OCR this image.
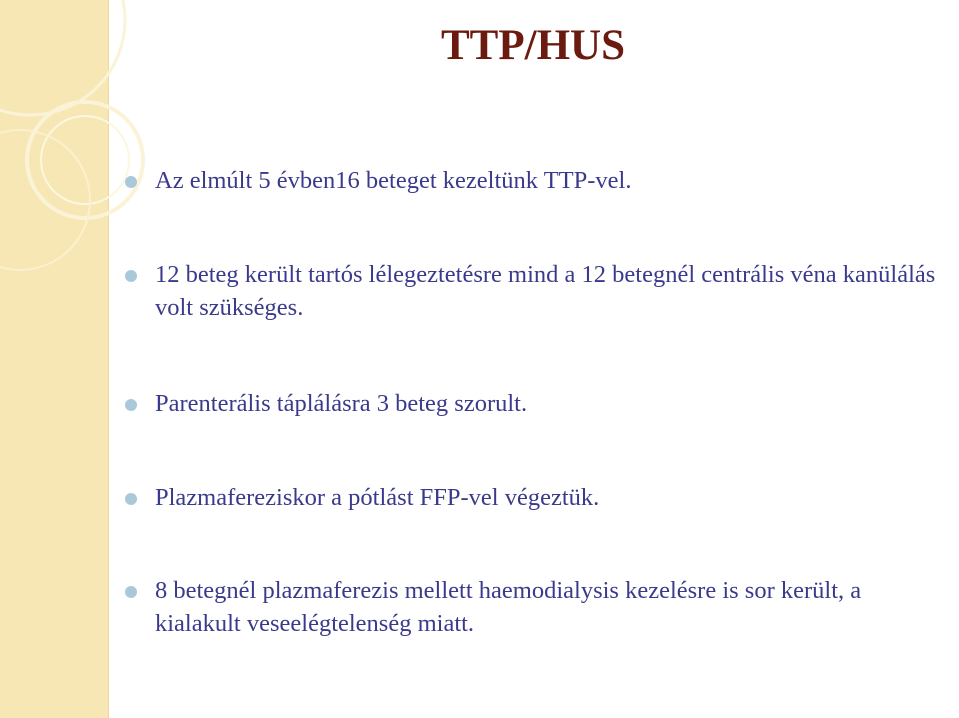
TTP/HUS
Az elmúlt 5 évben16 beteget kezeltünk TTP-vel.
12 beteg került tartós lélegeztetésre mind a 12 betegnél centrális véna kanülálás volt szükséges.
Parenterális táplálásra 3 beteg szorult.
Plazmafereziskor a pótlást FFP-vel végeztük.
8 betegnél plazmaferezis mellett haemodialysis kezelésre is sor került, a kialakult veseelégtelenség miatt.
